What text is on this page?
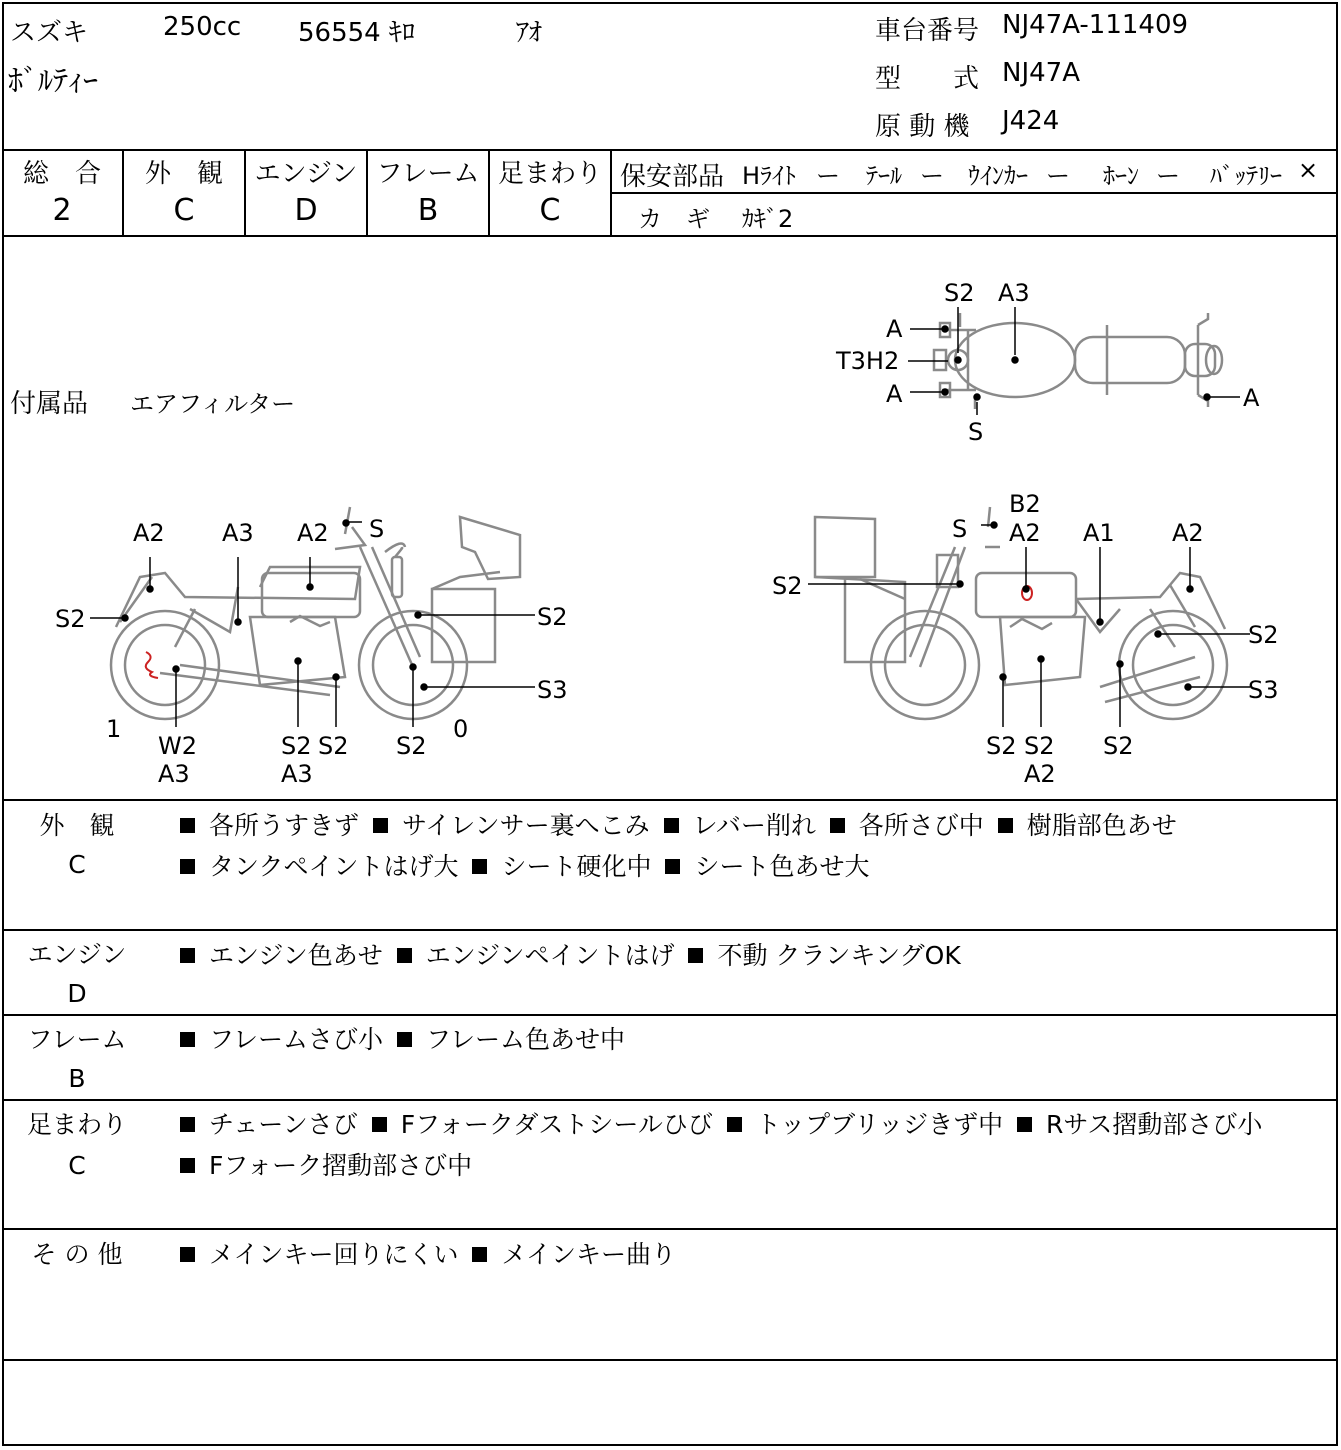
スズキ	250cc 56554 ｷﾛ	ｱｵ
ﾎﾞﾙﾃｨｰ
車台番号 NJ47A-111409
型　　式 NJ47A
原 動 機 J424
総　合
2
外　観
C
エンジン
D
フレーム
B
足まわり
C
保安部品 Hﾗｲﾄ ー ﾃｰﾙ ー ｳｲﾝｶｰ ー ﾎｰﾝ ー ﾊﾞｯﾃﾘｰ ×
カ　ギ ｶｷﾞ2
付属品 エアフィルター
S2 A3
A
T3H2
A
S
A
A2 A3 A2 S
S2	S2
S3
1
W2
A3
S2 S2
A3
S2
0
B2
A2
S	A1 A2
S2
S2
S3
S2 S2
A2
S2
外　観
C
各所うすきず サイレンサー裏へこみ レバー削れ 各所さび中 樹脂部色あせ タンクペイントはげ大 シート硬化中 シート色あせ大
エンジン
D
エンジン色あせ エンジンペイントはげ 不動 クランキングOK
フレーム
B
フレームさび小 フレーム色あせ中
足まわり
C
チェーンさび Fフォークダストシールひび トップブリッジきず中 Rサス摺動部さび小 Fフォーク摺動部さび中
そ の 他	メインキー回りにくい メインキー曲り
